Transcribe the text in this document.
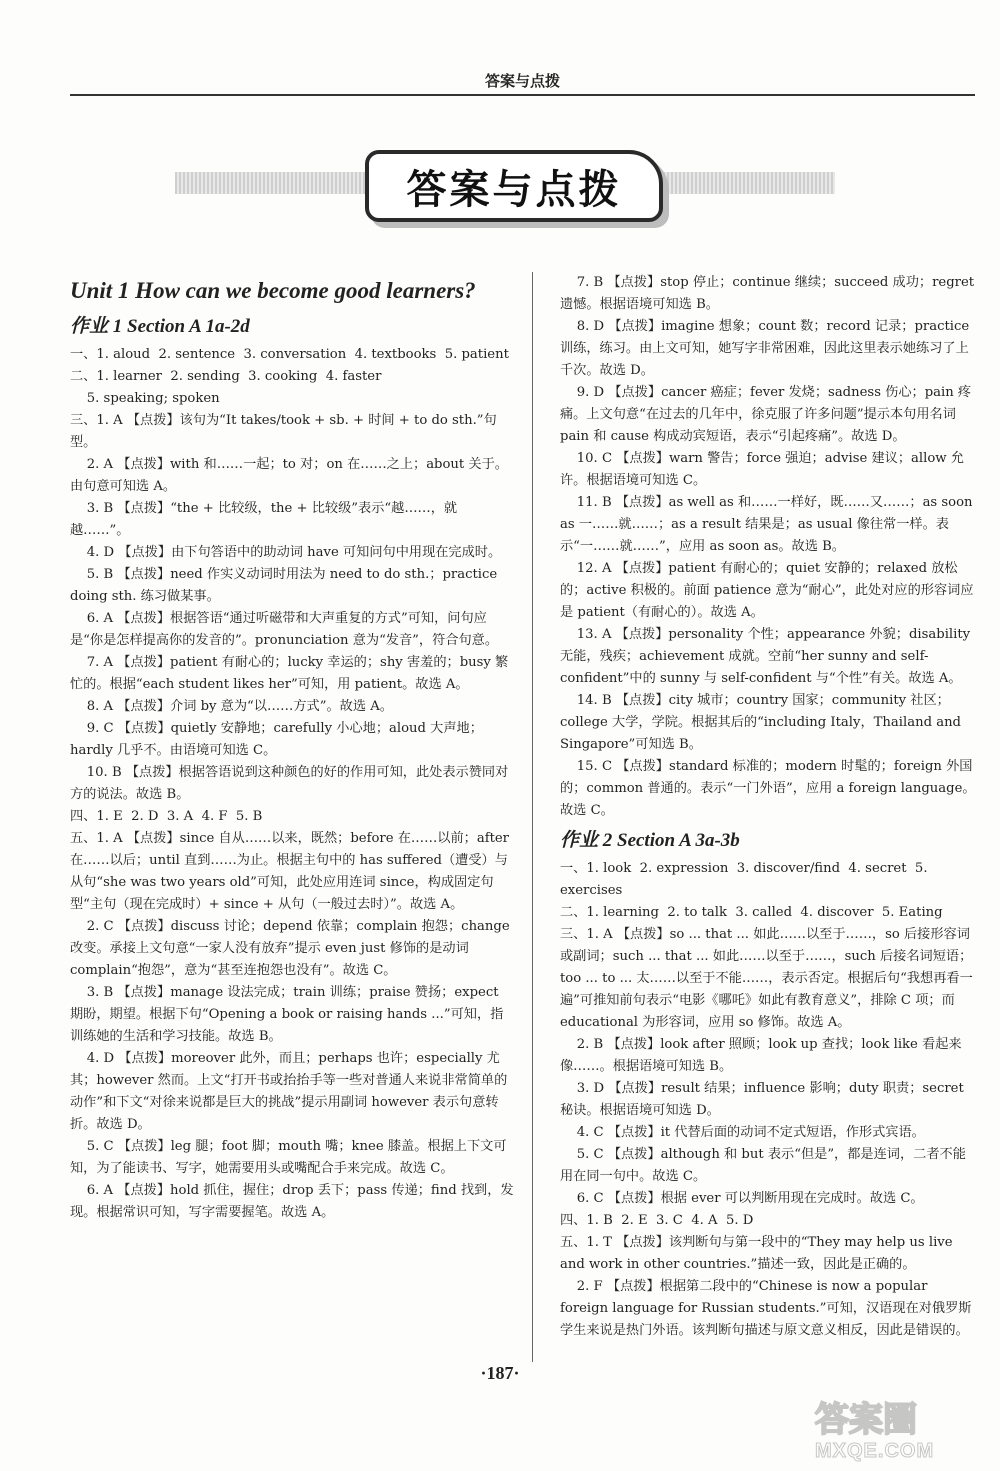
答案与点拨
答案与点拨
Unit 1 How can we become good learners?
作业 1 Section A 1a-2d

一、1. aloud  2. sentence  3. conversation  4. textbooks  5. patient

二、1. learner  2. sending  3. cooking  4. faster

5. speaking; spoken

三、1. A 【点拨】该句为“It takes/took + sb. + 时间 + to do sth.”句型。

2. A 【点拨】with 和……一起；to 对；on 在……之上；about 关于。由句意可知选 A。

3. B 【点拨】“the + 比较级，the + 比较级”表示“越……，就越……”。

4. D 【点拨】由下句答语中的助动词 have 可知问句中用现在完成时。

5. B 【点拨】need 作实义动词时用法为 need to do sth.；practice doing sth. 练习做某事。

6. A 【点拨】根据答语“通过听磁带和大声重复的方式”可知，问句应是“你是怎样提高你的发音的”。pronunciation 意为“发音”，符合句意。

7. A 【点拨】patient 有耐心的；lucky 幸运的；shy 害羞的；busy 繁忙的。根据“each student likes her”可知，用 patient。故选 A。

8. A 【点拨】介词 by 意为“以……方式”。故选 A。

9. C 【点拨】quietly 安静地；carefully 小心地；aloud 大声地；hardly 几乎不。由语境可知选 C。

10. B 【点拨】根据答语说到这种颜色的好的作用可知，此处表示赞同对方的说法。故选 B。

四、1. E  2. D  3. A  4. F  5. B

五、1. A 【点拨】since 自从……以来，既然；before 在……以前；after 在……以后；until 直到……为止。根据主句中的 has suffered（遭受）与从句“she was two years old”可知，此处应用连词 since，构成固定句型“主句（现在完成时）+ since + 从句（一般过去时）”。故选 A。

2. C 【点拨】discuss 讨论；depend 依靠；complain 抱怨；change 改变。承接上文句意“一家人没有放弃”提示 even just 修饰的是动词 complain“抱怨”，意为“甚至连抱怨也没有”。故选 C。

3. B 【点拨】manage 设法完成；train 训练；praise 赞扬；expect 期盼，期望。根据下句“Opening a book or raising hands ...”可知，指训练她的生活和学习技能。故选 B。

4. D 【点拨】moreover 此外，而且；perhaps 也许；especially 尤其；however 然而。上文“打开书或抬抬手等一些对普通人来说非常简单的动作”和下文“对徐来说都是巨大的挑战”提示用副词 however 表示句意转折。故选 D。

5. C 【点拨】leg 腿；foot 脚；mouth 嘴；knee 膝盖。根据上下文可知，为了能读书、写字，她需要用头或嘴配合手来完成。故选 C。

6. A 【点拨】hold 抓住，握住；drop 丢下；pass 传递；find 找到，发现。根据常识可知，写字需要握笔。故选 A。

7. B 【点拨】stop 停止；continue 继续；succeed 成功；regret 遗憾。根据语境可知选 B。

8. D 【点拨】imagine 想象；count 数；record 记录；practice 训练，练习。由上文可知，她写字非常困难，因此这里表示她练习了上千次。故选 D。

9. D 【点拨】cancer 癌症；fever 发烧；sadness 伤心；pain 疼痛。上文句意“在过去的几年中，徐克服了许多问题”提示本句用名词 pain 和 cause 构成动宾短语，表示“引起疼痛”。故选 D。

10. C 【点拨】warn 警告；force 强迫；advise 建议；allow 允许。根据语境可知选 C。

11. B 【点拨】as well as 和……一样好，既……又……；as soon as 一……就……；as a result 结果是；as usual 像往常一样。表示“一……就……”，应用 as soon as。故选 B。

12. A 【点拨】patient 有耐心的；quiet 安静的；relaxed 放松的；active 积极的。前面 patience 意为“耐心”，此处对应的形容词应是 patient（有耐心的）。故选 A。

13. A 【点拨】personality 个性；appearance 外貌；disability 无能，残疾；achievement 成就。空前“her sunny and self-confident”中的 sunny 与 self-confident 与“个性”有关。故选 A。

14. B 【点拨】city 城市；country 国家；community 社区；college 大学，学院。根据其后的“including Italy，Thailand and Singapore”可知选 B。

15. C 【点拨】standard 标准的；modern 时髦的；foreign 外国的；common 普通的。表示“一门外语”，应用 a foreign language。故选 C。

作业 2 Section A 3a-3b

一、1. look  2. expression  3. discover/find  4. secret  5. exercises

二、1. learning  2. to talk  3. called  4. discover  5. Eating

三、1. A 【点拨】so ... that ... 如此……以至于……，so 后接形容词或副词；such ... that ... 如此……以至于……，such 后接名词短语；too ... to ... 太……以至于不能……，表示否定。根据后句“我想再看一遍”可推知前句表示“电影《哪吒》如此有教育意义”，排除 C 项；而 educational 为形容词，应用 so 修饰。故选 A。

2. B 【点拨】look after 照顾；look up 查找；look like 看起来像……。根据语境可知选 B。

3. D 【点拨】result 结果；influence 影响；duty 职责；secret 秘诀。根据语境可知选 D。

4. C 【点拨】it 代替后面的动词不定式短语，作形式宾语。

5. C 【点拨】although 和 but 表示“但是”，都是连词，二者不能用在同一句中。故选 C。

6. C 【点拨】根据 ever 可以判断用现在完成时。故选 C。

四、1. B  2. E  3. C  4. A  5. D

五、1. T 【点拨】该判断句与第一段中的“They may help us live and work in other countries.”描述一致，因此是正确的。

2. F 【点拨】根据第二段中的“Chinese is now a popular foreign language for Russian students.”可知，汉语现在对俄罗斯学生来说是热门外语。该判断句描述与原文意义相反，因此是错误的。

·187·
答案圈
MXQE.COM
